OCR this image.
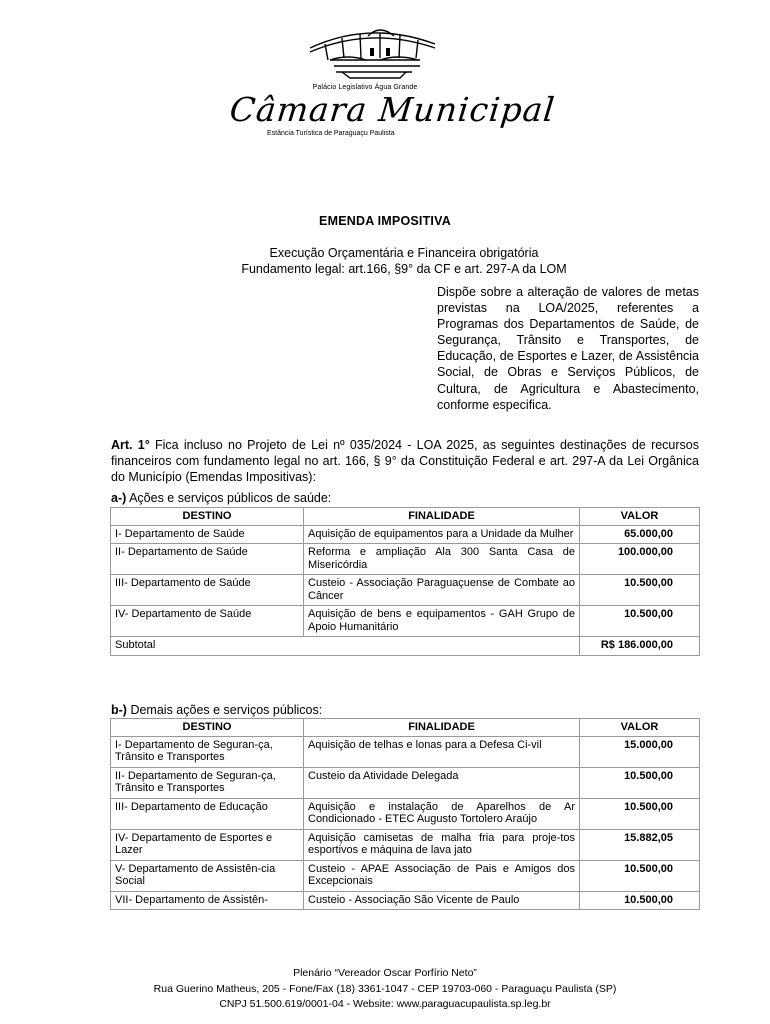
Palácio Legislativo Água Grande
Câmara Municipal
Estância Turística de Paraguaçu Paulista
EMENDA IMPOSITIVA
Execução Orçamentária e Financeira obrigatória
Fundamento legal: art.166, §9° da CF e art. 297-A da LOM
Dispõe sobre a alteração de valores de metas previstas na LOA/2025, referentes a Programas dos Departamentos de Saúde, de Segurança, Trânsito e Transportes, de Educação, de Esportes e Lazer, de Assistência Social, de Obras e Serviços Públicos, de Cultura, de Agricultura e Abastecimento, conforme especifica.
Art. 1° Fica incluso no Projeto de Lei nº 035/2024 - LOA 2025, as seguintes destinações de recursos financeiros com fundamento legal no art. 166, § 9° da Constituição Federal e art. 297-A da Lei Orgânica do Município (Emendas Impositivas):
a-) Ações e serviços públicos de saúde:
DESTINO	FINALIDADE	VALOR
I- Departamento de Saúde	Aquisição de equipamentos para a Unidade da Mulher	65.000,00
II- Departamento de Saúde	Reforma e ampliação Ala 300 Santa Casa de Misericórdia	100.000,00
III- Departamento de Saúde	Custeio - Associação Paraguaçuense de Combate ao Câncer	10.500,00
IV- Departamento de Saúde	Aquisição de bens e equipamentos - GAH Grupo de Apoio Humanitário	10.500,00
Subtotal		R$ 186.000,00
b-) Demais ações e serviços públicos:
DESTINO	FINALIDADE	VALOR
I- Departamento de Seguran-ça, Trânsito e Transportes	Aquisição de telhas e lonas para a Defesa Ci-vil	15.000,00
II- Departamento de Seguran-ça, Trânsito e Transportes	Custeio da Atividade Delegada	10.500,00
III- Departamento de Educação	Aquisição e instalação de Aparelhos de Ar Condicionado - ETEC Augusto Tortolero Araújo	10.500,00
IV- Departamento de Esportes e Lazer	Aquisição camisetas de malha fria para proje-tos esportivos e máquina de lava jato	15.882,05
V- Departamento de Assistên-cia Social	Custeio - APAE Associação de Pais e Amigos dos Excepcionais	10.500,00
VII- Departamento de Assistên-	Custeio - Associação São Vicente de Paulo	10.500,00
Plenário “Vereador Oscar Porfírio Neto”
Rua Guerino Matheus, 205 - Fone/Fax (18) 3361-1047 - CEP 19703-060 - Paraguaçu Paulista (SP)
CNPJ 51.500.619/0001-04 - Website: www.paraguacupaulista.sp.leg.br
